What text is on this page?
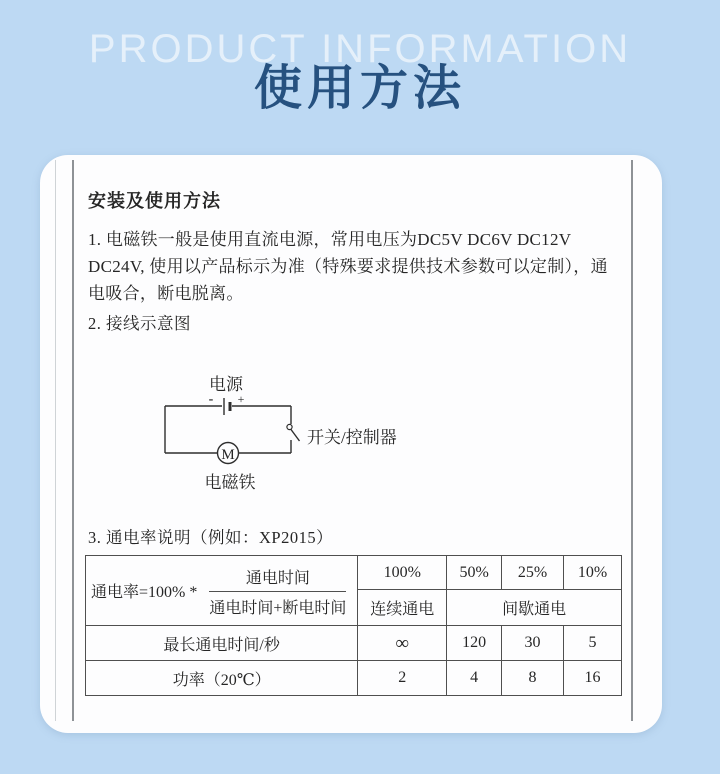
PRODUCT INFORMATION
使用方法
安装及使用方法
1. 电磁铁一般是使用直流电源，常用电压为DC5V DC6V DC12V DC24V, 使用以产品标示为准（特殊要求提供技术参数可以定制），通电吸合，断电脱离。
2. 接线示意图
电源
- +
M
开关/控制器
电磁铁
3. 通电率说明（例如：XP2015）
通电率$=100\% * \frac{\text{通电时间}}{\text{通电时间+断电时间}}$	100%	50%	25%	10%
	连续通电	间歇通电		
最长通电时间/秒	∞	120	30	5
功率（20℃）	2	4	8	16
